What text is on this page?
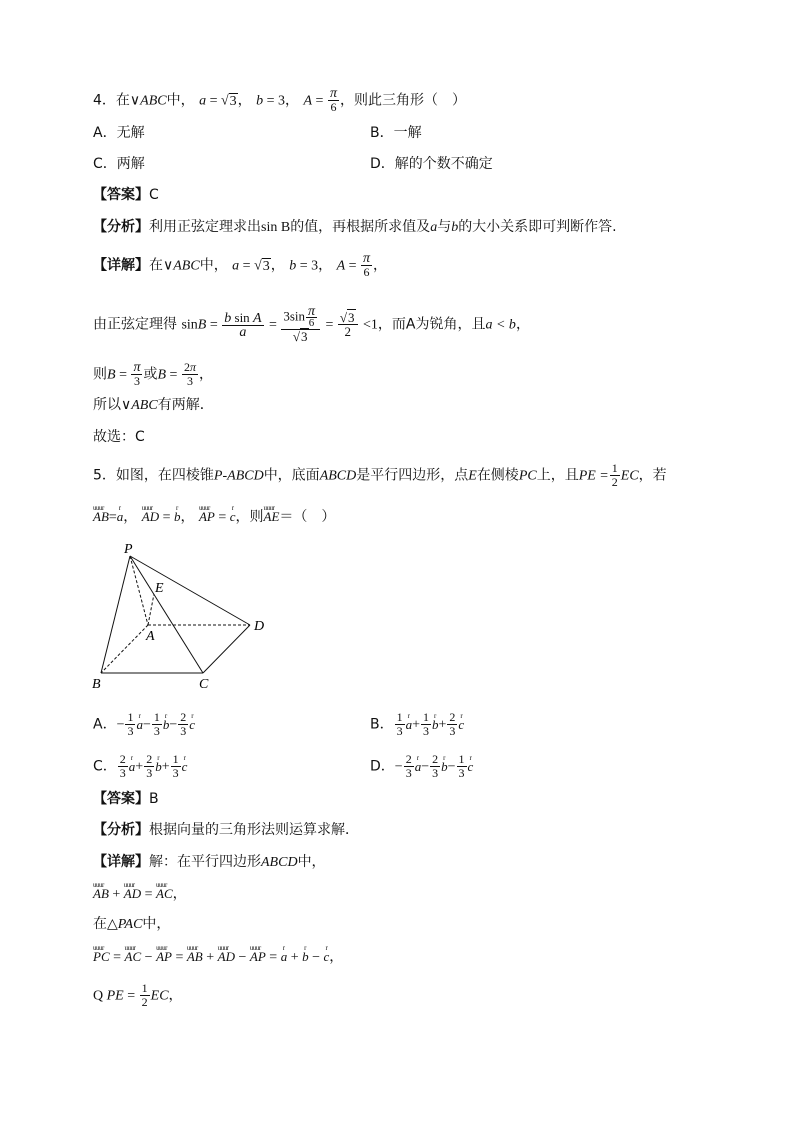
4．在∨ABC中， a = √3， b = 3， $A = \frac{\pi}{6}$ ，则此三角形（　）
A．无解	B．一解
C．两解	D．解的个数不确定
【答案】C
【分析】利用正弦定理求出sin B的值，再根据所求值及a与b的大小关系即可判断作答.
【详解】在∨ABC中， a = √3， b = 3， $A = \frac{\pi}{6}$ ，
由正弦定理得 $\sin B = \frac{\text{b sin A}}{a} = 3\sin$ π
6
$√3 = \frac{√3}{2} <1$，而A为锐角，且a < b，
则$B = \frac{\pi}{3}$ 或$B = \frac{2\pi}{3}$ ，
所以∨ABC有两解．
故选：C
5．如图，在四棱锥P-ABCD中，底面ABCD是平行四边形，点E在侧棱PC上，且PE = $\frac{1}{2}$ EC，若
uuur AB=r a， uuur AD = r b， uuur AP = r c，则uuur AE＝（　）
P
E
A
D
B	C
A．− $\frac{1}{3}$ r $a- \frac{1}{3}$ r $b- \frac{2}{3}$ r c	B． $\frac{1}{3}$ r $a+ \frac{1}{3}$ r $b+ \frac{2}{3}$ r c
C． $\frac{2}{3}$ r $a+ \frac{2}{3}$ r $b+ \frac{1}{3}$ r c	D．− $\frac{2}{3}$ r $a- \frac{2}{3}$ r $b- \frac{1}{3}$ r c
【答案】B
【分析】根据向量的三角形法则运算求解．
【详解】解：在平行四边形ABCD中，
uuur AB + uuur AD = uuur AC，
在△PAC中，
uuur PC = uuur AC − uuur AP = uuur AB + uuur AD − uuur AP = r a + r b − r c，
Q PE = $\frac{1}{2}$ EC，
